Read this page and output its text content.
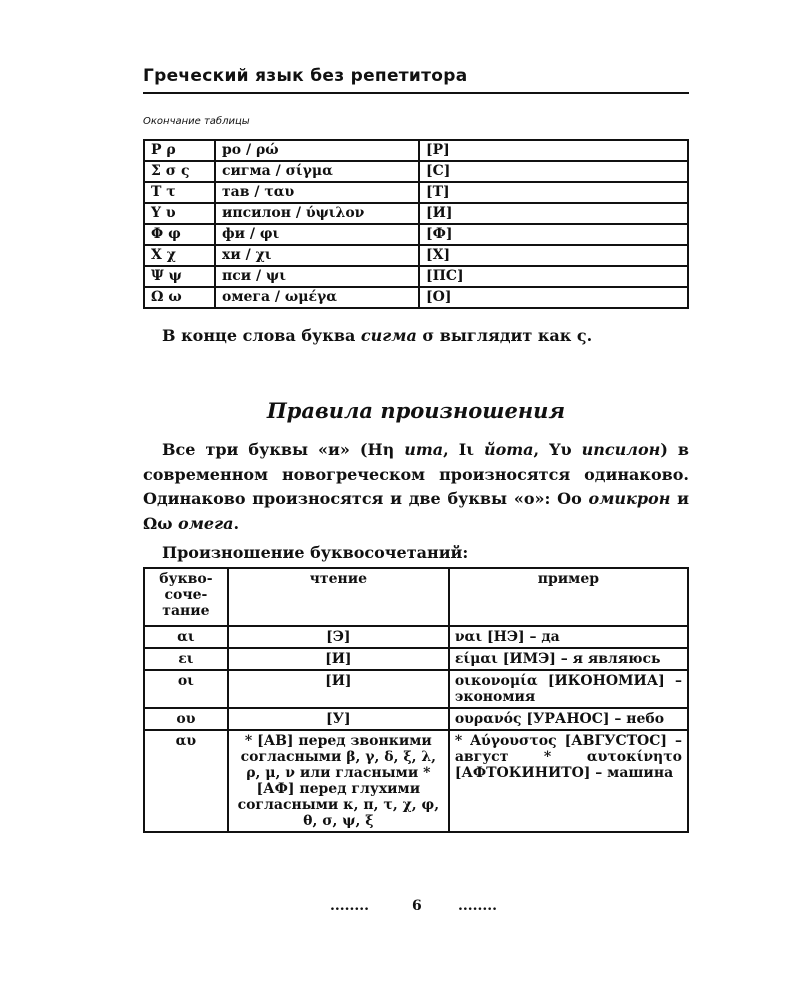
Греческий язык без репетитора
Окончание таблицы
Ρ ρ	ро / ρώ	[Р]
Σ σ ς	сигма / σίγμα	[С]
Τ τ	тав / ταυ	[Т]
Υ υ	ипсилон / ύψιλον	[И]
Φ φ	фи / φι	[Ф]
Χ χ	хи / χι	[Х]
Ψ ψ	пси / ψι	[ПС]
Ω ω	омега / ωμέγα	[О]
В конце слова буква сигма σ выглядит как ς.
Правила произношения
Все три буквы «и» (Ηη ита, Ιι йота, Υυ ипсилон) в современном новогреческом произносятся одинаково. Одинаково произносятся и две буквы «о»: Οο омикрон и Ωω омега.
Произношение буквосочетаний:
букво-соче-тание	чтение	пример
αι	[Э]	ναι [НЭ] – да
ει	[И]	είμαι [ИМЭ] – я являюсь
οι	[И]	οικονομία [ИКОНОМИА] – экономия
ου	[У]	ουρανός [УРАНОС] – небо
αυ	* [АВ] перед звонкими согласными β, γ, δ, ξ, λ, ρ, μ, ν или гласными * [АФ] перед глухими согласными κ, π, τ, χ, φ, θ, σ, ψ, ξ	* Αύγουστος [АВГУСТОС] – август * αυτοκίνητο [АФТОКИНИТО] – машина
........	6	........
